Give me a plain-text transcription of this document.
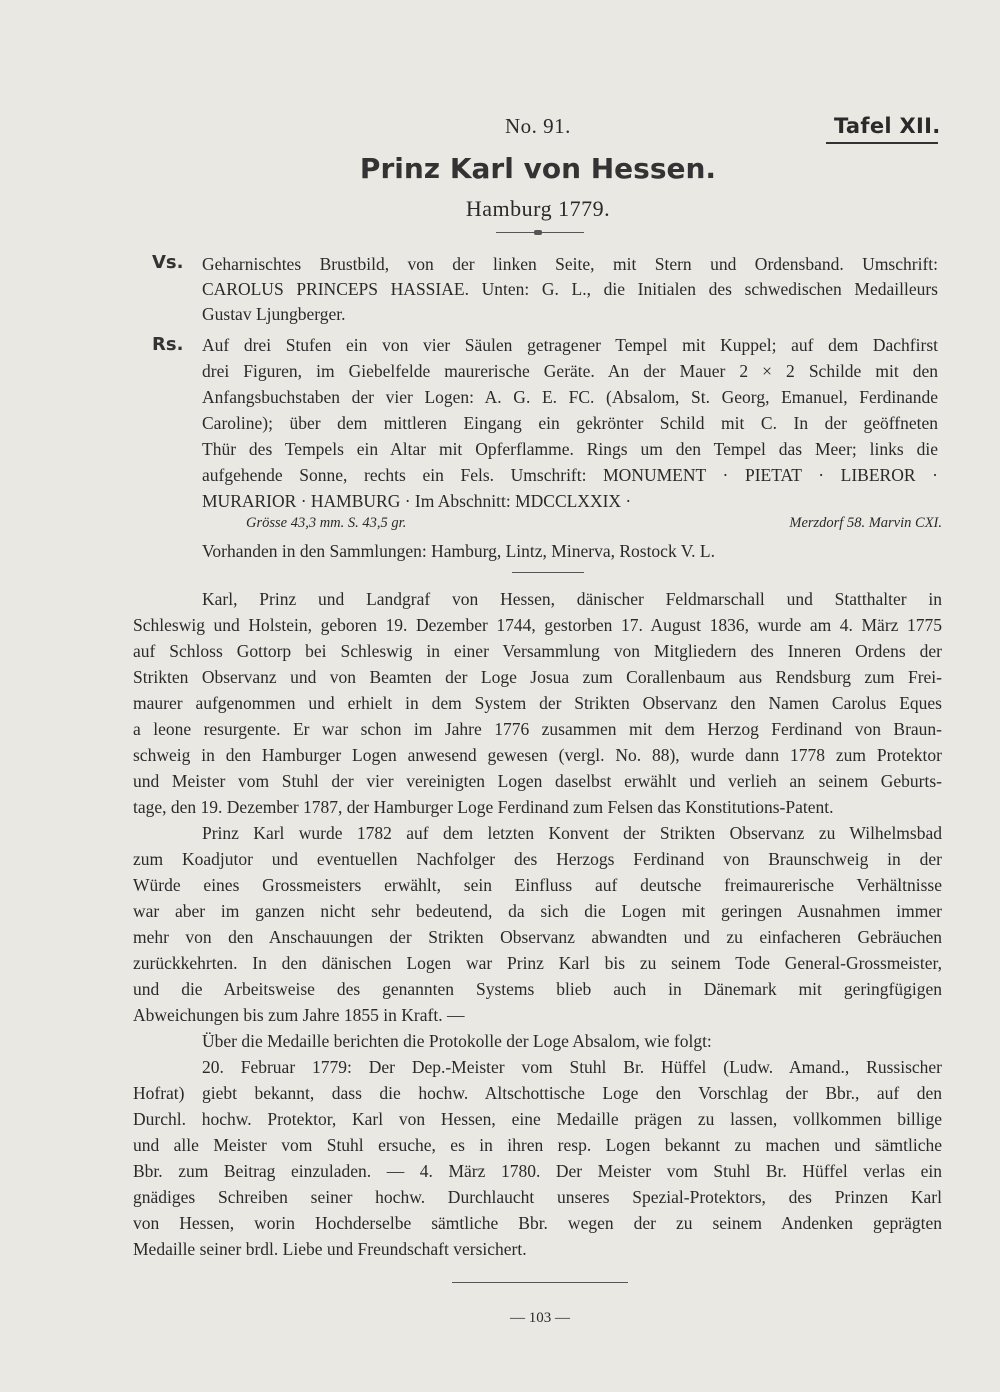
No. 91.	Tafel XII.
Prinz Karl von Hessen.
Hamburg 1779.
Vs. Geharnischtes Brustbild, von der linken Seite, mit Stern und Ordensband. Umschrift:
CAROLUS PRINCEPS HASSIAE. Unten: G. L., die Initialen des schwedischen Medailleurs
Gustav Ljungberger.
Rs. Auf drei Stufen ein von vier Säulen getragener Tempel mit Kuppel; auf dem Dachfirst
drei Figuren, im Giebelfelde maurerische Geräte. An der Mauer 2 × 2 Schilde mit den
Anfangsbuchstaben der vier Logen: A. G. E. FC. (Absalom, St. Georg, Emanuel, Ferdinande
Caroline); über dem mittleren Eingang ein gekrönter Schild mit C. In der geöffneten
Thür des Tempels ein Altar mit Opferflamme. Rings um den Tempel das Meer; links die
aufgehende Sonne, rechts ein Fels. Umschrift: MONUMENT · PIETAT · LIBEROR ·
MURARIOR · HAMBURG · Im Abschnitt: MDCCLXXIX ·
Grösse 43,3 mm. S. 43,5 gr.	Merzdorf 58. Marvin CXI.
Vorhanden in den Sammlungen: Hamburg, Lintz, Minerva, Rostock V. L.
Karl, Prinz und Landgraf von Hessen, dänischer Feldmarschall und Statthalter in
Schleswig und Holstein, geboren 19. Dezember 1744, gestorben 17. August 1836, wurde am 4. März 1775
auf Schloss Gottorp bei Schleswig in einer Versammlung von Mitgliedern des Inneren Ordens der
Strikten Observanz und von Beamten der Loge Josua zum Corallenbaum aus Rendsburg zum Frei-
maurer aufgenommen und erhielt in dem System der Strikten Observanz den Namen Carolus Eques
a leone resurgente. Er war schon im Jahre 1776 zusammen mit dem Herzog Ferdinand von Braun-
schweig in den Hamburger Logen anwesend gewesen (vergl. No. 88), wurde dann 1778 zum Protektor
und Meister vom Stuhl der vier vereinigten Logen daselbst erwählt und verlieh an seinem Geburts-
tage, den 19. Dezember 1787, der Hamburger Loge Ferdinand zum Felsen das Konstitutions-Patent.
Prinz Karl wurde 1782 auf dem letzten Konvent der Strikten Observanz zu Wilhelmsbad
zum Koadjutor und eventuellen Nachfolger des Herzogs Ferdinand von Braunschweig in der
Würde eines Grossmeisters erwählt, sein Einfluss auf deutsche freimaurerische Verhältnisse
war aber im ganzen nicht sehr bedeutend, da sich die Logen mit geringen Ausnahmen immer
mehr von den Anschauungen der Strikten Observanz abwandten und zu einfacheren Gebräuchen
zurückkehrten. In den dänischen Logen war Prinz Karl bis zu seinem Tode General-Grossmeister,
und die Arbeitsweise des genannten Systems blieb auch in Dänemark mit geringfügigen
Abweichungen bis zum Jahre 1855 in Kraft. —
Über die Medaille berichten die Protokolle der Loge Absalom, wie folgt:
20. Februar 1779: Der Dep.-Meister vom Stuhl Br. Hüffel (Ludw. Amand., Russischer
Hofrat) giebt bekannt, dass die hochw. Altschottische Loge den Vorschlag der Bbr., auf den
Durchl. hochw. Protektor, Karl von Hessen, eine Medaille prägen zu lassen, vollkommen billige
und alle Meister vom Stuhl ersuche, es in ihren resp. Logen bekannt zu machen und sämtliche
Bbr. zum Beitrag einzuladen. — 4. März 1780. Der Meister vom Stuhl Br. Hüffel verlas ein
gnädiges Schreiben seiner hochw. Durchlaucht unseres Spezial-Protektors, des Prinzen Karl
von Hessen, worin Hochderselbe sämtliche Bbr. wegen der zu seinem Andenken geprägten
Medaille seiner brdl. Liebe und Freundschaft versichert.
— 103 —
